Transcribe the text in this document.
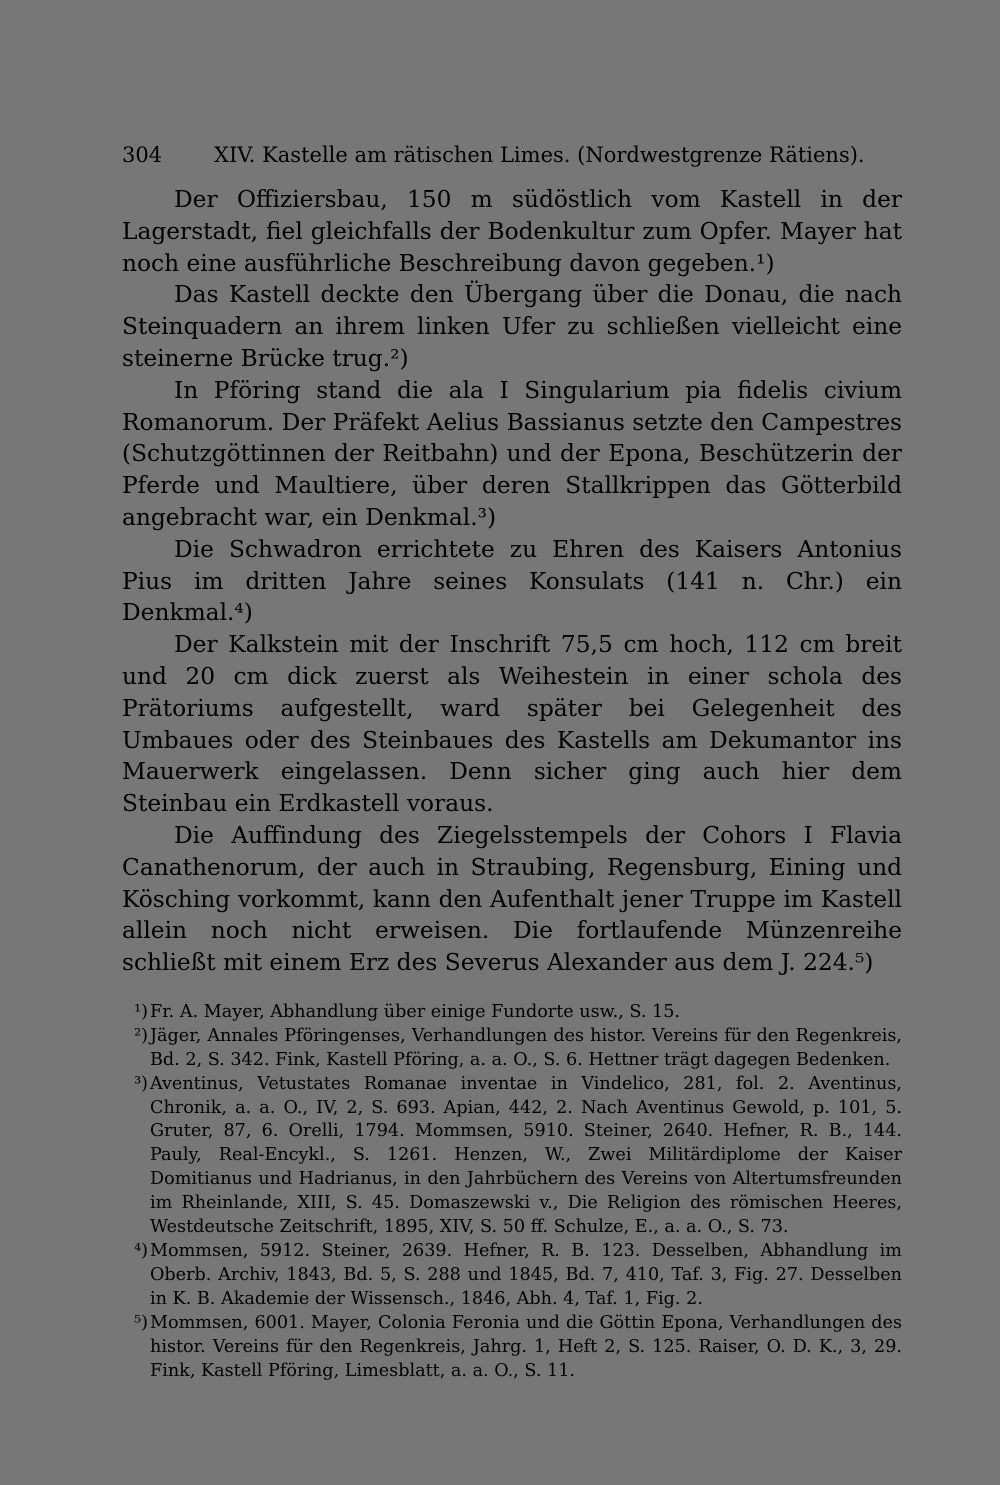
304 XIV. Kastelle am rätischen Limes. (Nordwestgrenze Rätiens).

Der Offiziersbau, 150 m südöstlich vom Kastell in der Lagerstadt, fiel gleichfalls der Bodenkultur zum Opfer. Mayer hat noch eine ausführliche Beschreibung davon gegeben.¹)

Das Kastell deckte den Übergang über die Donau, die nach Steinquadern an ihrem linken Ufer zu schließen vielleicht eine steinerne Brücke trug.²)

In Pföring stand die ala I Singularium pia fidelis civium Romanorum. Der Präfekt Aelius Bassianus setzte den Campestres (Schutzgöttinnen der Reitbahn) und der Epona, Beschützerin der Pferde und Maultiere, über deren Stallkrippen das Götterbild angebracht war, ein Denkmal.³)

Die Schwadron errichtete zu Ehren des Kaisers Antonius Pius im dritten Jahre seines Konsulats (141 n. Chr.) ein Denkmal.⁴)

Der Kalkstein mit der Inschrift 75,5 cm hoch, 112 cm breit und 20 cm dick zuerst als Weihestein in einer schola des Prätoriums aufgestellt, ward später bei Gelegenheit des Umbaues oder des Steinbaues des Kastells am Dekumantor ins Mauerwerk eingelassen. Denn sicher ging auch hier dem Steinbau ein Erdkastell voraus.

Die Auffindung des Ziegelsstempels der Cohors I Flavia Canathenorum, der auch in Straubing, Regensburg, Eining und Kösching vorkommt, kann den Aufenthalt jener Truppe im Kastell allein noch nicht erweisen. Die fortlaufende Münzenreihe schließt mit einem Erz des Severus Alexander aus dem J. 224.⁵)

¹) Fr. A. Mayer, Abhandlung über einige Fundorte usw., S. 15.
²) Jäger, Annales Pföringenses, Verhandlungen des histor. Vereins für den Regenkreis, Bd. 2, S. 342. Fink, Kastell Pföring, a. a. O., S. 6. Hettner trägt dagegen Bedenken.
³) Aventinus, Vetustates Romanae inventae in Vindelico, 281, fol. 2. Aventinus, Chronik, a. a. O., IV, 2, S. 693. Apian, 442, 2. Nach Aventinus Gewold, p. 101, 5. Gruter, 87, 6. Orelli, 1794. Mommsen, 5910. Steiner, 2640. Hefner, R. B., 144. Pauly, Real-Encykl., S. 1261. Henzen, W., Zwei Militärdiplome der Kaiser Domitianus und Hadrianus, in den Jahrbüchern des Vereins von Altertumsfreunden im Rheinlande, XIII, S. 45. Domaszewski v., Die Religion des römischen Heeres, Westdeutsche Zeitschrift, 1895, XIV, S. 50 ff. Schulze, E., a. a. O., S. 73.
⁴) Mommsen, 5912. Steiner, 2639. Hefner, R. B. 123. Desselben, Abhandlung im Oberb. Archiv, 1843, Bd. 5, S. 288 und 1845, Bd. 7, 410, Taf. 3, Fig. 27. Desselben in K. B. Akademie der Wissensch., 1846, Abh. 4, Taf. 1, Fig. 2.
⁵) Mommsen, 6001. Mayer, Colonia Feronia und die Göttin Epona, Verhandlungen des histor. Vereins für den Regenkreis, Jahrg. 1, Heft 2, S. 125. Raiser, O. D. K., 3, 29. Fink, Kastell Pföring, Limesblatt, a. a. O., S. 11.
